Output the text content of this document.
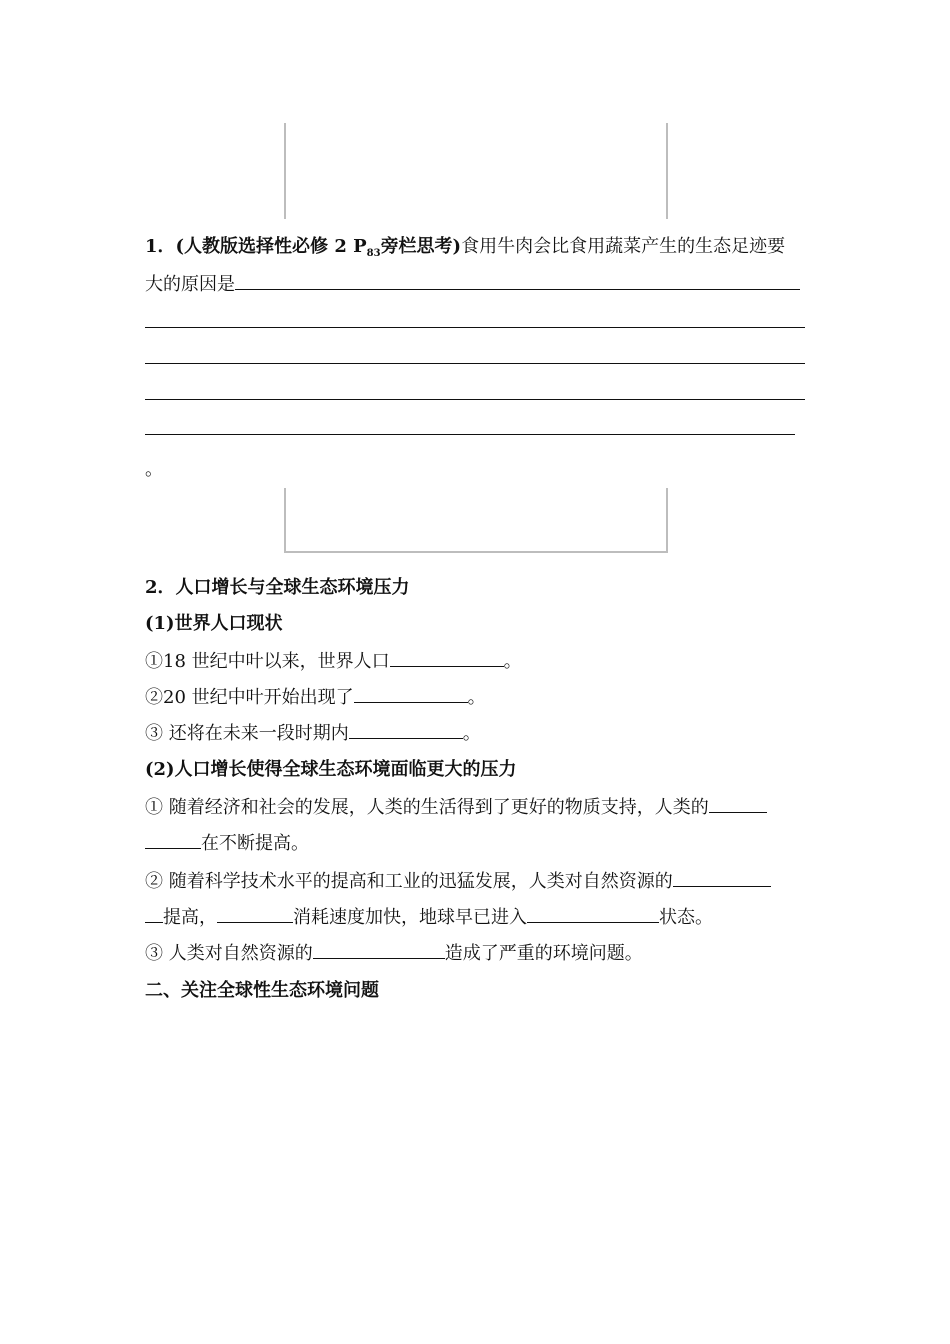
1．(人教版选择性必修 2 $P_{83}$旁栏思考)食用牛肉会比食用蔬菜产生的生态足迹要
大的原因是
。
2．人口增长与全球生态环境压力
(1)世界人口现状
①18 世纪中叶以来，世界人口	。
②20 世纪中叶开始出现了	。
③ 还将在未来一段时期内	。
(2)人口增长使得全球生态环境面临更大的压力
① 随着经济和社会的发展，人类的生活得到了更好的物质支持，人类的
在不断提高。
② 随着科学技术水平的提高和工业的迅猛发展，人类对自然资源的
提高，	消耗速度加快，地球早已进入	状态。
③ 人类对自然资源的	造成了严重的环境问题。
二、关注全球性生态环境问题
